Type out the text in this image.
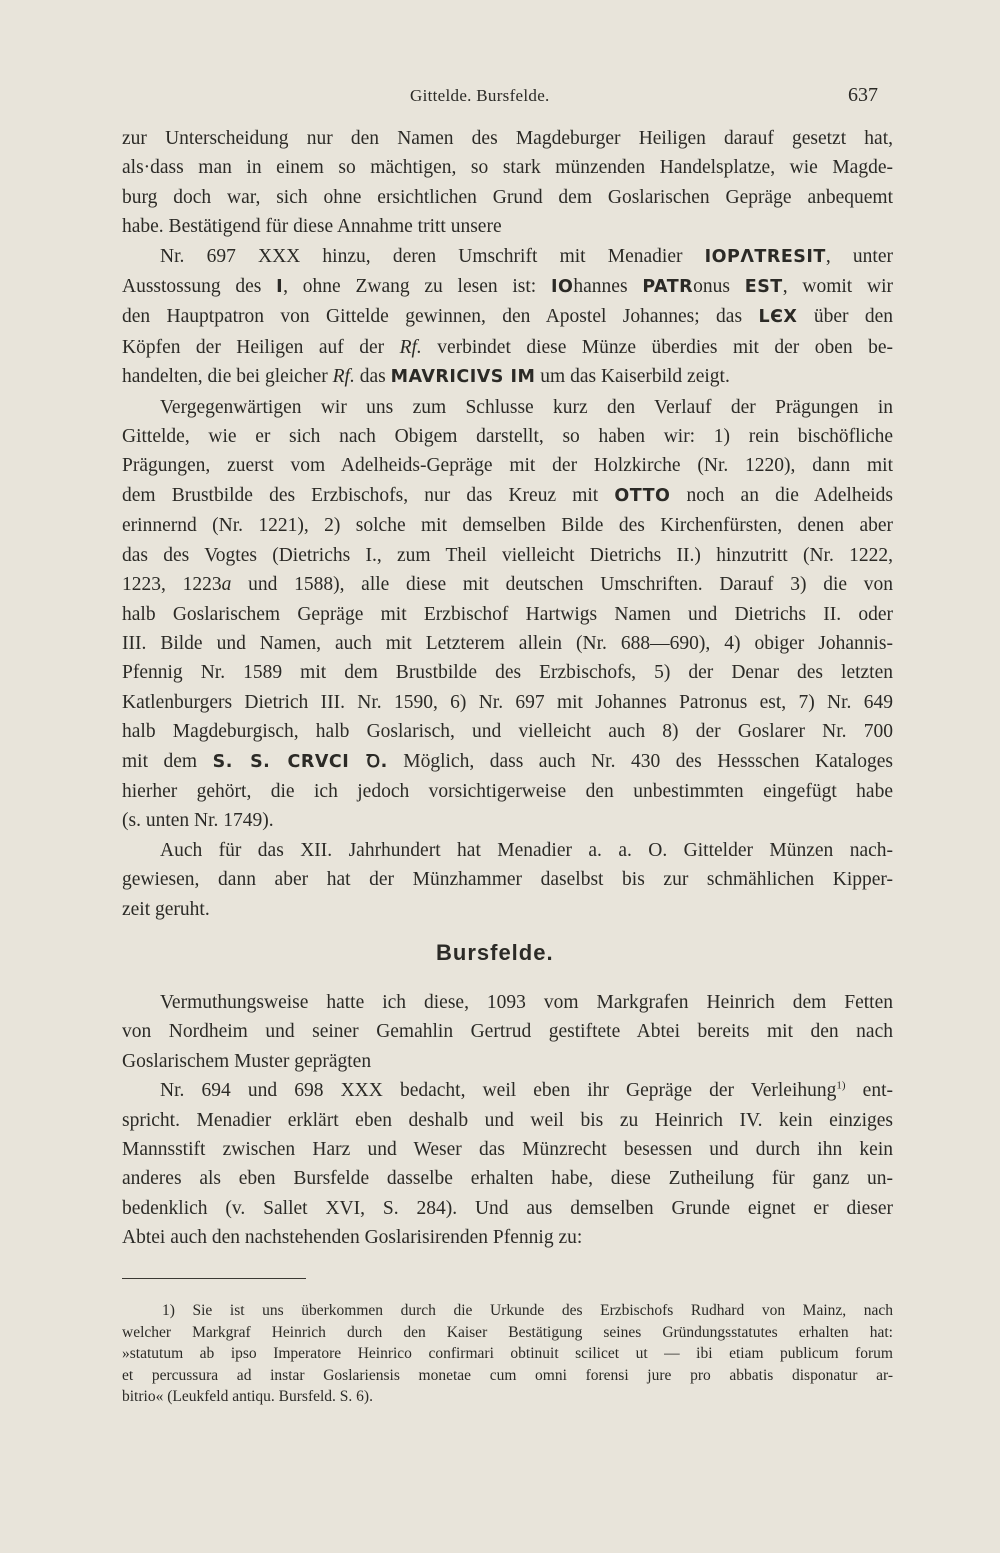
Gittelde. Bursfelde.	637
zur Unterscheidung nur den Namen des Magdeburger Heiligen darauf gesetzt hat,
als·dass man in einem so mächtigen, so stark münzenden Handelsplatze, wie Magde-
burg doch war, sich ohne ersichtlichen Grund dem Goslarischen Gepräge anbequemt
habe. Bestätigend für diese Annahme tritt unsere
Nr. 697 XXX hinzu, deren Umschrift mit Menadier IOPΛTRESIT, unter
Ausstossung des I, ohne Zwang zu lesen ist: IOhannes PATRonus EST, womit wir
den Hauptpatron von Gittelde gewinnen, den Apostel Johannes; das LЄX über den
Köpfen der Heiligen auf der Rf. verbindet diese Münze überdies mit der oben be-
handelten, die bei gleicher Rf. das MAVRICIVS IM um das Kaiserbild zeigt.
Vergegenwärtigen wir uns zum Schlusse kurz den Verlauf der Prägungen in
Gittelde, wie er sich nach Obigem darstellt, so haben wir: 1) rein bischöfliche
Prägungen, zuerst vom Adelheids-Gepräge mit der Holzkirche (Nr. 1220), dann mit
dem Brustbilde des Erzbischofs, nur das Kreuz mit OTTO noch an die Adelheids
erinnernd (Nr. 1221), 2) solche mit demselben Bilde des Kirchenfürsten, denen aber
das des Vogtes (Dietrichs I., zum Theil vielleicht Dietrichs II.) hinzutritt (Nr. 1222,
1223, 1223a und 1588), alle diese mit deutschen Umschriften. Darauf 3) die von
halb Goslarischem Gepräge mit Erzbischof Hartwigs Namen und Dietrichs II. oder
III. Bilde und Namen, auch mit Letzterem allein (Nr. 688—690), 4) obiger Johannis-
Pfennig Nr. 1589 mit dem Brustbilde des Erzbischofs, 5) der Denar des letzten
Katlenburgers Dietrich III. Nr. 1590, 6) Nr. 697 mit Johannes Patronus est, 7) Nr. 649
halb Magdeburgisch, halb Goslarisch, und vielleicht auch 8) der Goslarer Nr. 700
mit dem S. S. CRVCI Ꝺ. Möglich, dass auch Nr. 430 des Hessschen Kataloges
hierher gehört, die ich jedoch vorsichtigerweise den unbestimmten eingefügt habe
(s. unten Nr. 1749).
Auch für das XII. Jahrhundert hat Menadier a. a. O. Gittelder Münzen nach-
gewiesen, dann aber hat der Münzhammer daselbst bis zur schmählichen Kipper-
zeit geruht.
Bursfelde.
Vermuthungsweise hatte ich diese, 1093 vom Markgrafen Heinrich dem Fetten
von Nordheim und seiner Gemahlin Gertrud gestiftete Abtei bereits mit den nach
Goslarischem Muster geprägten
Nr. 694 und 698 XXX bedacht, weil eben ihr Gepräge der Verleihung$^{1)}$ ent-
spricht. Menadier erklärt eben deshalb und weil bis zu Heinrich IV. kein einziges
Mannsstift zwischen Harz und Weser das Münzrecht besessen und durch ihn kein
anderes als eben Bursfelde dasselbe erhalten habe, diese Zutheilung für ganz un-
bedenklich (v. Sallet XVI, S. 284). Und aus demselben Grunde eignet er dieser
Abtei auch den nachstehenden Goslarisirenden Pfennig zu:
1) Sie ist uns überkommen durch die Urkunde des Erzbischofs Rudhard von Mainz, nach
welcher Markgraf Heinrich durch den Kaiser Bestätigung seines Gründungsstatutes erhalten hat:
»statutum ab ipso Imperatore Heinrico confirmari obtinuit scilicet ut — ibi etiam publicum forum
et percussura ad instar Goslariensis monetae cum omni forensi jure pro abbatis disponatur ar-
bitrio« (Leukfeld antiqu. Bursfeld. S. 6).
